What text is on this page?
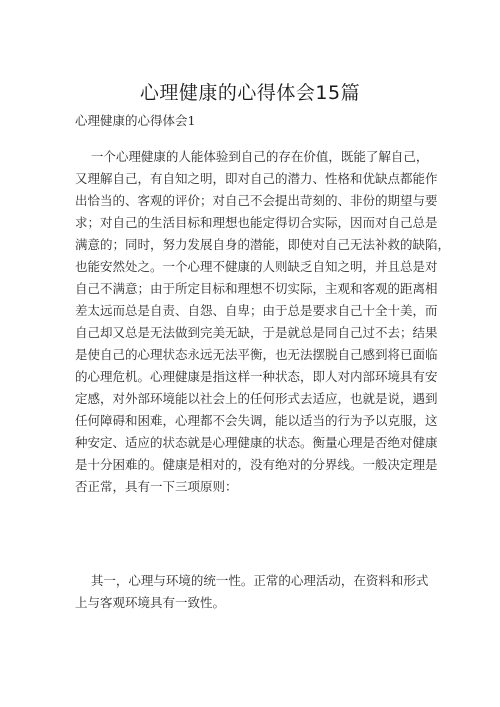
心理健康的心得体会15篇
心理健康的心得体会1
一个心理健康的人能体验到自己的存在价值，既能了解自己，
又理解自己，有自知之明，即对自己的潜力、性格和优缺点都能作
出恰当的、客观的评价；对自己不会提出苛刻的、非份的期望与要
求；对自己的生活目标和理想也能定得切合实际，因而对自己总是
满意的；同时，努力发展自身的潜能，即使对自己无法补救的缺陷，
也能安然处之。一个心理不健康的人则缺乏自知之明，并且总是对
自己不满意；由于所定目标和理想不切实际，主观和客观的距离相
差太远而总是自责、自怨、自卑；由于总是要求自己十全十美，而
自己却又总是无法做到完美无缺，于是就总是同自己过不去；结果
是使自己的心理状态永远无法平衡，也无法摆脱自己感到将已面临
的心理危机。心理健康是指这样一种状态，即人对内部环境具有安
定感，对外部环境能以社会上的任何形式去适应，也就是说，遇到
任何障碍和困难，心理都不会失调，能以适当的行为予以克服，这
种安定、适应的状态就是心理健康的状态。衡量心理是否绝对健康
是十分困难的。健康是相对的，没有绝对的分界线。一般决定理是
否正常，具有一下三项原则：
其一，心理与环境的统一性。正常的心理活动，在资料和形式
上与客观环境具有一致性。
